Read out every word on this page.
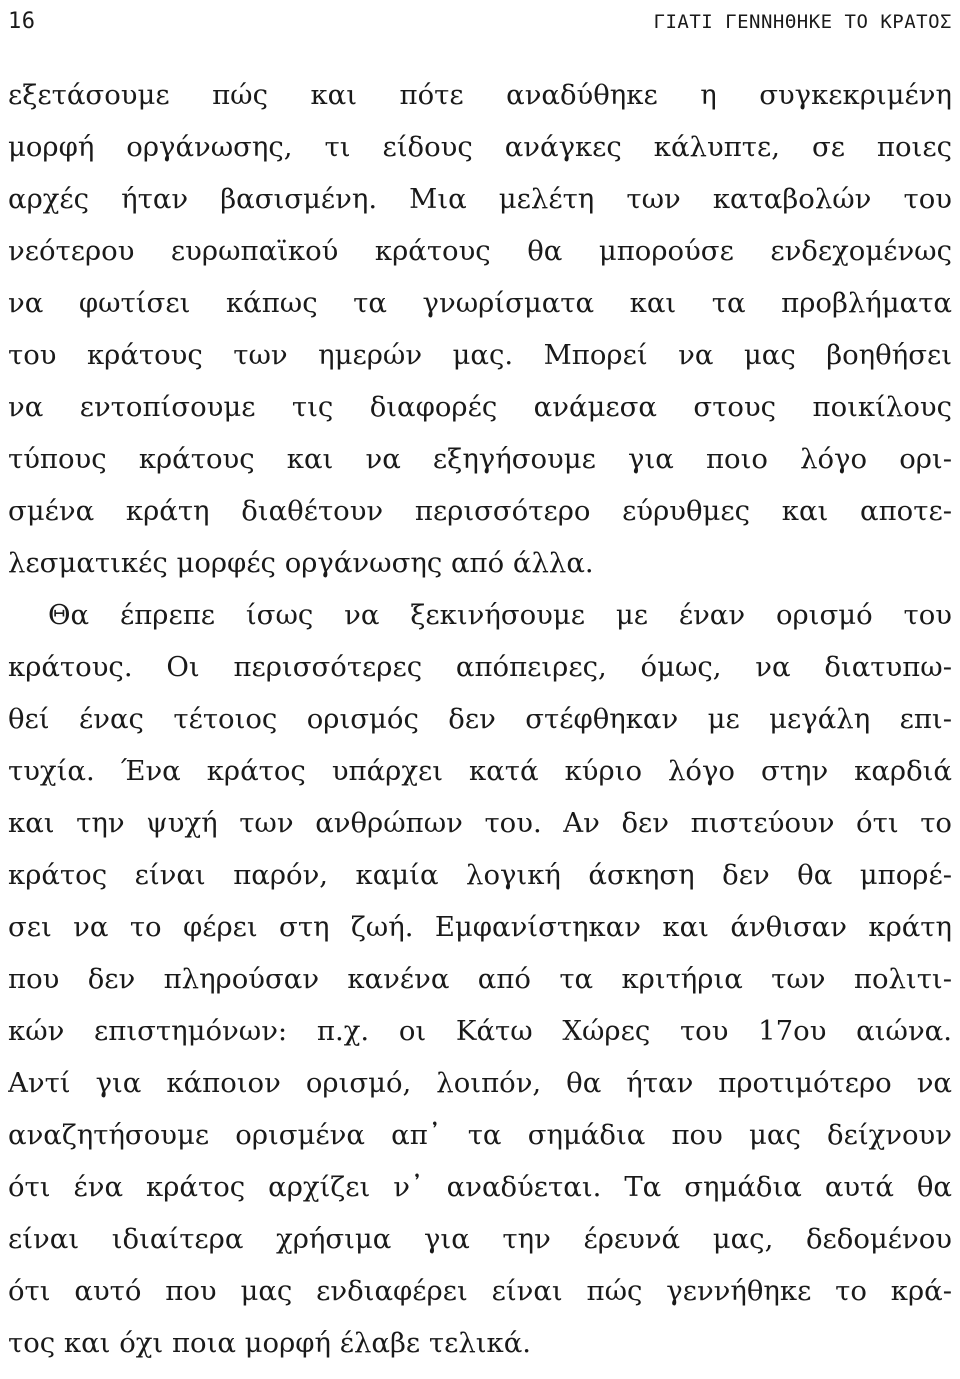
16	ΓΙΑΤΙ ΓΕΝΝΗΘΗΚΕ ΤΟ ΚΡΑΤΟΣ
εξετάσουμε πώς και πότε αναδύθηκε η συγκεκριμένη
μορφή οργάνωσης, τι είδους ανάγκες κάλυπτε, σε ποιες
αρχές ήταν βασισμένη. Μια μελέτη των καταβολών του
νεότερου ευρωπαϊκού κράτους θα μπορούσε ενδεχομένως
να φωτίσει κάπως τα γνωρίσματα και τα προβλήματα
του κράτους των ημερών μας. Μπορεί να μας βοηθήσει
να εντοπίσουμε τις διαφορές ανάμεσα στους ποικίλους
τύπους κράτους και να εξηγήσουμε για ποιο λόγο ορι-
σμένα κράτη διαθέτουν περισσότερο εύρυθμες και αποτε-
λεσματικές μορφές οργάνωσης από άλλα.
Θα έπρεπε ίσως να ξεκινήσουμε με έναν ορισμό του
κράτους. Οι περισσότερες απόπειρες, όμως, να διατυπω-
θεί ένας τέτοιος ορισμός δεν στέφθηκαν με μεγάλη επι-
τυχία. Ένα κράτος υπάρχει κατά κύριο λόγο στην καρδιά
και την ψυχή των ανθρώπων του. Αν δεν πιστεύουν ότι το
κράτος είναι παρόν, καμία λογική άσκηση δεν θα μπορέ-
σει να το φέρει στη ζωή. Εμφανίστηκαν και άνθισαν κράτη
που δεν πληρούσαν κανένα από τα κριτήρια των πολιτι-
κών επιστημόνων: π.χ. οι Κάτω Χώρες του 17ου αιώνα.
Αντί για κάποιον ορισμό, λοιπόν, θα ήταν προτιμότερο να
αναζητήσουμε ορισμένα απ᾽ τα σημάδια που μας δείχνουν
ότι ένα κράτος αρχίζει ν᾽ αναδύεται. Τα σημάδια αυτά θα
είναι ιδιαίτερα χρήσιμα για την έρευνά μας, δεδομένου
ότι αυτό που μας ενδιαφέρει είναι πώς γεννήθηκε το κρά-
τος και όχι ποια μορφή έλαβε τελικά.
